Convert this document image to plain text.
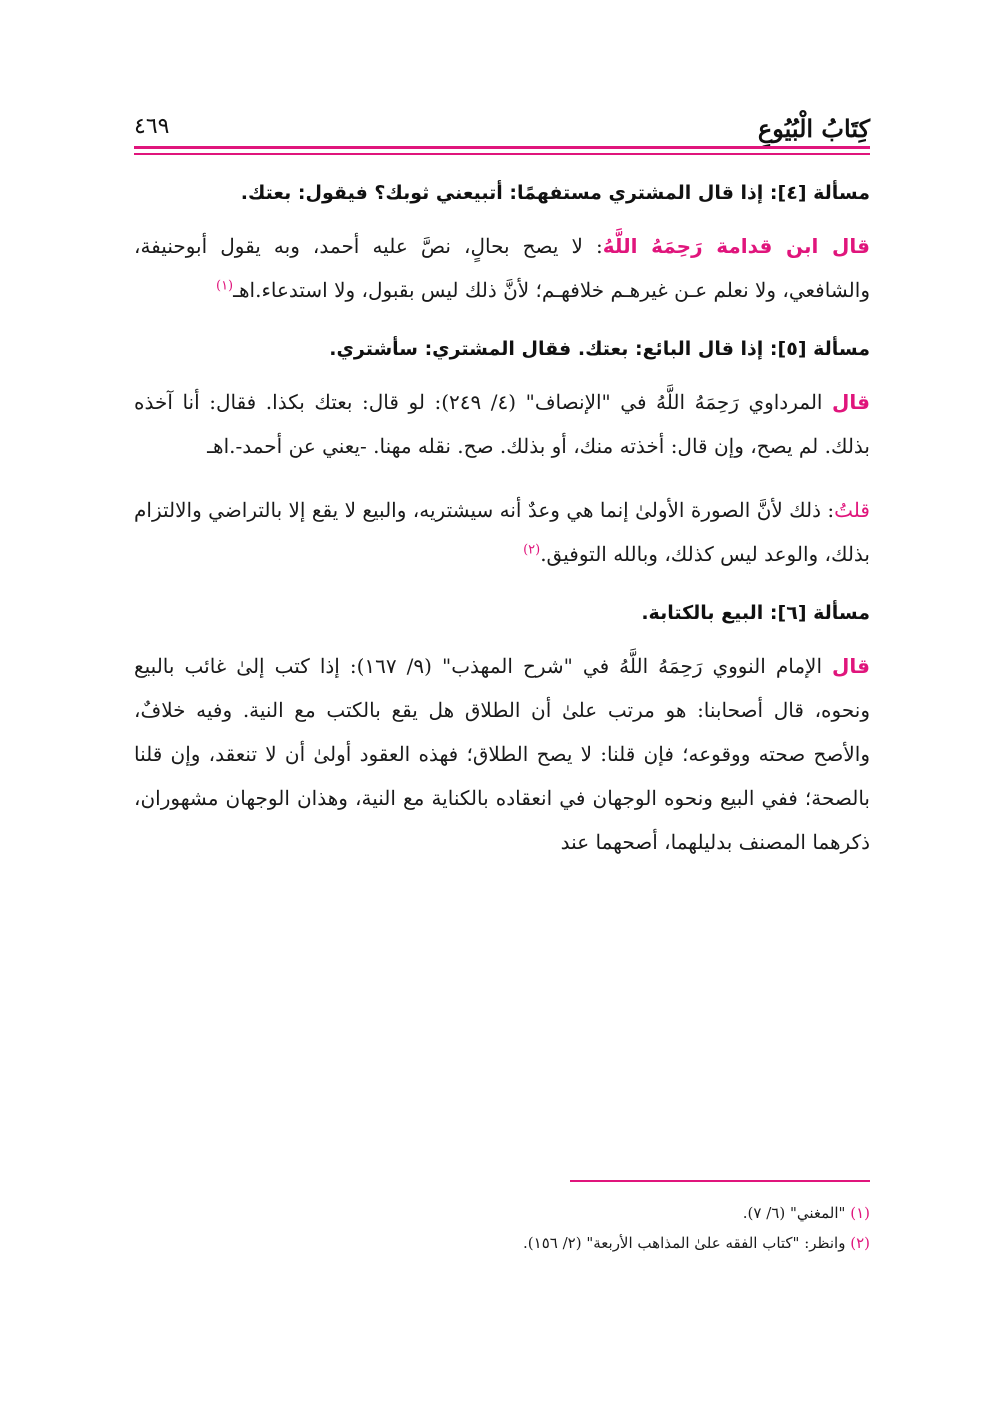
كِتَابُ الْبُيُوعِ
٤٦٩
مسألة [٤]: إذا قال المشتري مستفهمًا: أتبيعني ثوبك؟ فيقول: بعتك.

قال ابن قدامة رَحِمَهُ اللَّهُ: لا يصح بحالٍ، نصَّ عليه أحمد، وبه يقول أبوحنيفة، والشافعي، ولا نعلم عـن غيرهـم خلافهـم؛ لأنَّ ذلك ليس بقبول، ولا استدعاء.اهـ$^{(١)}$

مسألة [٥]: إذا قال البائع: بعتك. فقال المشتري: سأشتري.

قال المرداوي رَحِمَهُ اللَّهُ في "الإنصاف" (٤/ ٢٤٩): لو قال: بعتك بكذا. فقال: أنا آخذه بذلك. لم يصح، وإن قال: أخذته منك، أو بذلك. صح. نقله مهنا. -يعني عن أحمد-.اهـ

قلتُ: ذلك لأنَّ الصورة الأولىٰ إنما هي وعدٌ أنه سيشتريه، والبيع لا يقع إلا بالتراضي والالتزام بذلك، والوعد ليس كذلك، وبالله التوفيق.$^{(٢)}$

مسألة [٦]: البيع بالكتابة.

قال الإمام النووي رَحِمَهُ اللَّهُ في "شرح المهذب" (٩/ ١٦٧): إذا كتب إلىٰ غائب بالبيع ونحوه، قال أصحابنا: هو مرتب علىٰ أن الطلاق هل يقع بالكتب مع النية. وفيه خلافٌ، والأصح صحته ووقوعه؛ فإن قلنا: لا يصح الطلاق؛ فهذه العقود أولىٰ أن لا تنعقد، وإن قلنا بالصحة؛ ففي البيع ونحوه الوجهان في انعقاده بالكناية مع النية، وهذان الوجهان مشهوران، ذكرهما المصنف بدليلهما، أصحهما عند

(١) "المغني" (٦/ ٧).
(٢) وانظر: "كتاب الفقه علىٰ المذاهب الأربعة" (٢/ ١٥٦).
